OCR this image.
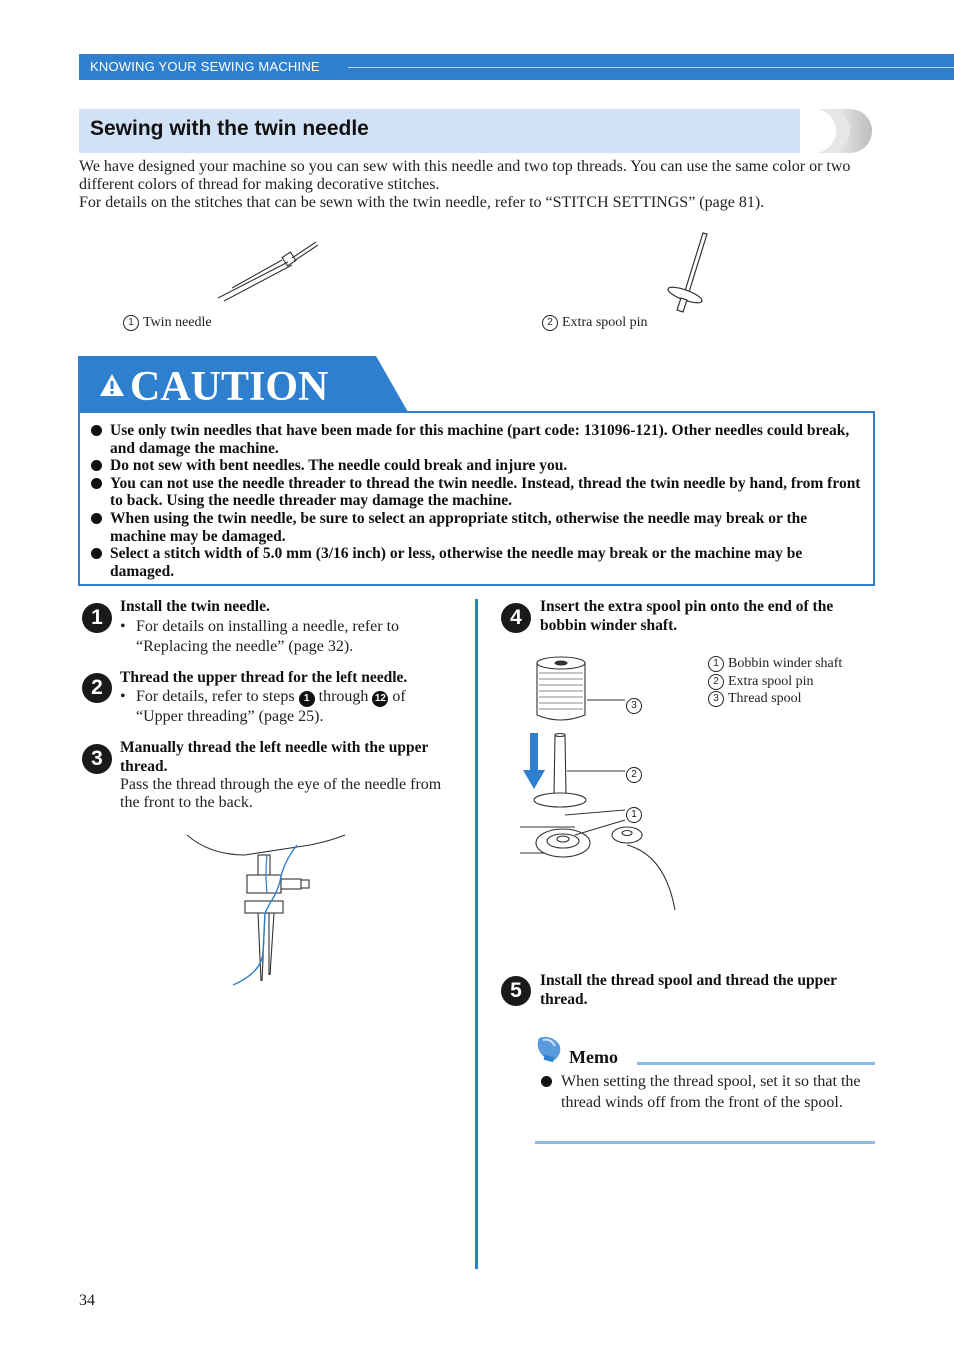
KNOWING YOUR SEWING MACHINE
Sewing with the twin needle

We have designed your machine so you can sew with this needle and two top threads. You can use the same color or two different colors of thread for making decorative stitches.

For details on the stitches that can be sewn with the twin needle, refer to “STITCH SETTINGS” (page 81).

1 Twin needle	2 Extra spool pin
CAUTION
Use only twin needles that have been made for this machine (part code: 131096-121). Other needles could break, and damage the machine.
Do not sew with bent needles. The needle could break and injure you.
You can not use the needle threader to thread the twin needle. Instead, thread the twin needle by hand, from front to back. Using the needle threader may damage the machine.
When using the twin needle, be sure to select an appropriate stitch, otherwise the needle may break or the machine may be damaged.
Select a stitch width of 5.0 mm (3/16 inch) or less, otherwise the needle may break or the machine may be damaged.
1	Install the twin needle.
• For details on installing a needle, refer to “Replacing the needle” (page 32).
2	Thread the upper thread for the left needle.
• For details, refer to steps 1 through 12 of
“Upper threading” (page 25).
3	Manually thread the left needle with the upper thread.
Pass the thread through the eye of the needle from the front to the back.
4	Insert the extra spool pin onto the end of the bobbin winder shaft.
3
2
1
1 Bobbin winder shaft
2 Extra spool pin
3 Thread spool
5	Install the thread spool and thread the upper thread.
Memo
When setting the thread spool, set it so that the thread winds off from the front of the spool.
34
